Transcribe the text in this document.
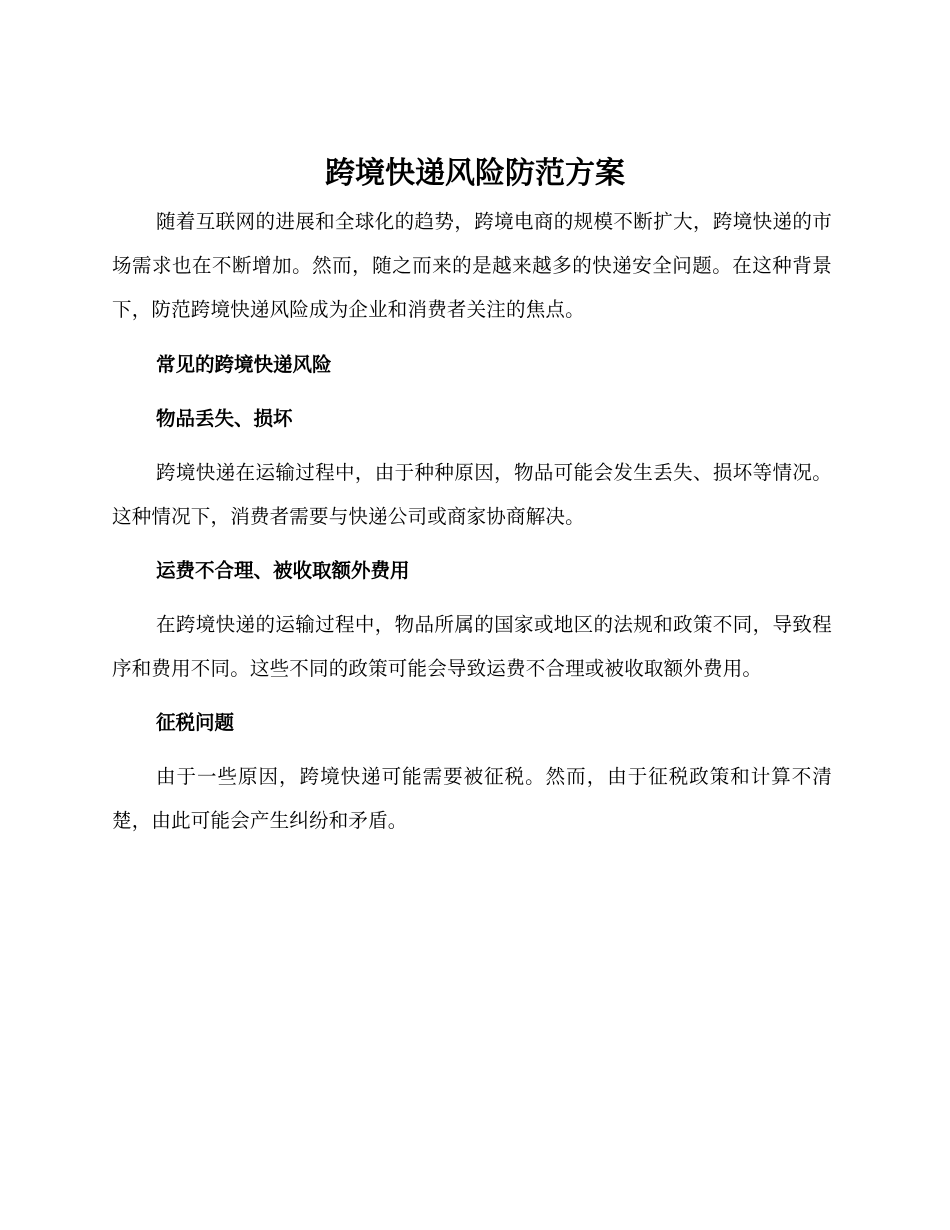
跨境快递风险防范方案

随着互联网的进展和全球化的趋势，跨境电商的规模不断扩大，跨境快递的市场需求也在不断增加。然而，随之而来的是越来越多的快递安全问题。在这种背景下，防范跨境快递风险成为企业和消费者关注的焦点。

常见的跨境快递风险
物品丢失、损坏

跨境快递在运输过程中，由于种种原因，物品可能会发生丢失、损坏等情况。这种情况下，消费者需要与快递公司或商家协商解决。

运费不合理、被收取额外费用

在跨境快递的运输过程中，物品所属的国家或地区的法规和政策不同，导致程序和费用不同。这些不同的政策可能会导致运费不合理或被收取额外费用。

征税问题

由于一些原因，跨境快递可能需要被征税。然而，由于征税政策和计算不清楚，由此可能会产生纠纷和矛盾。
